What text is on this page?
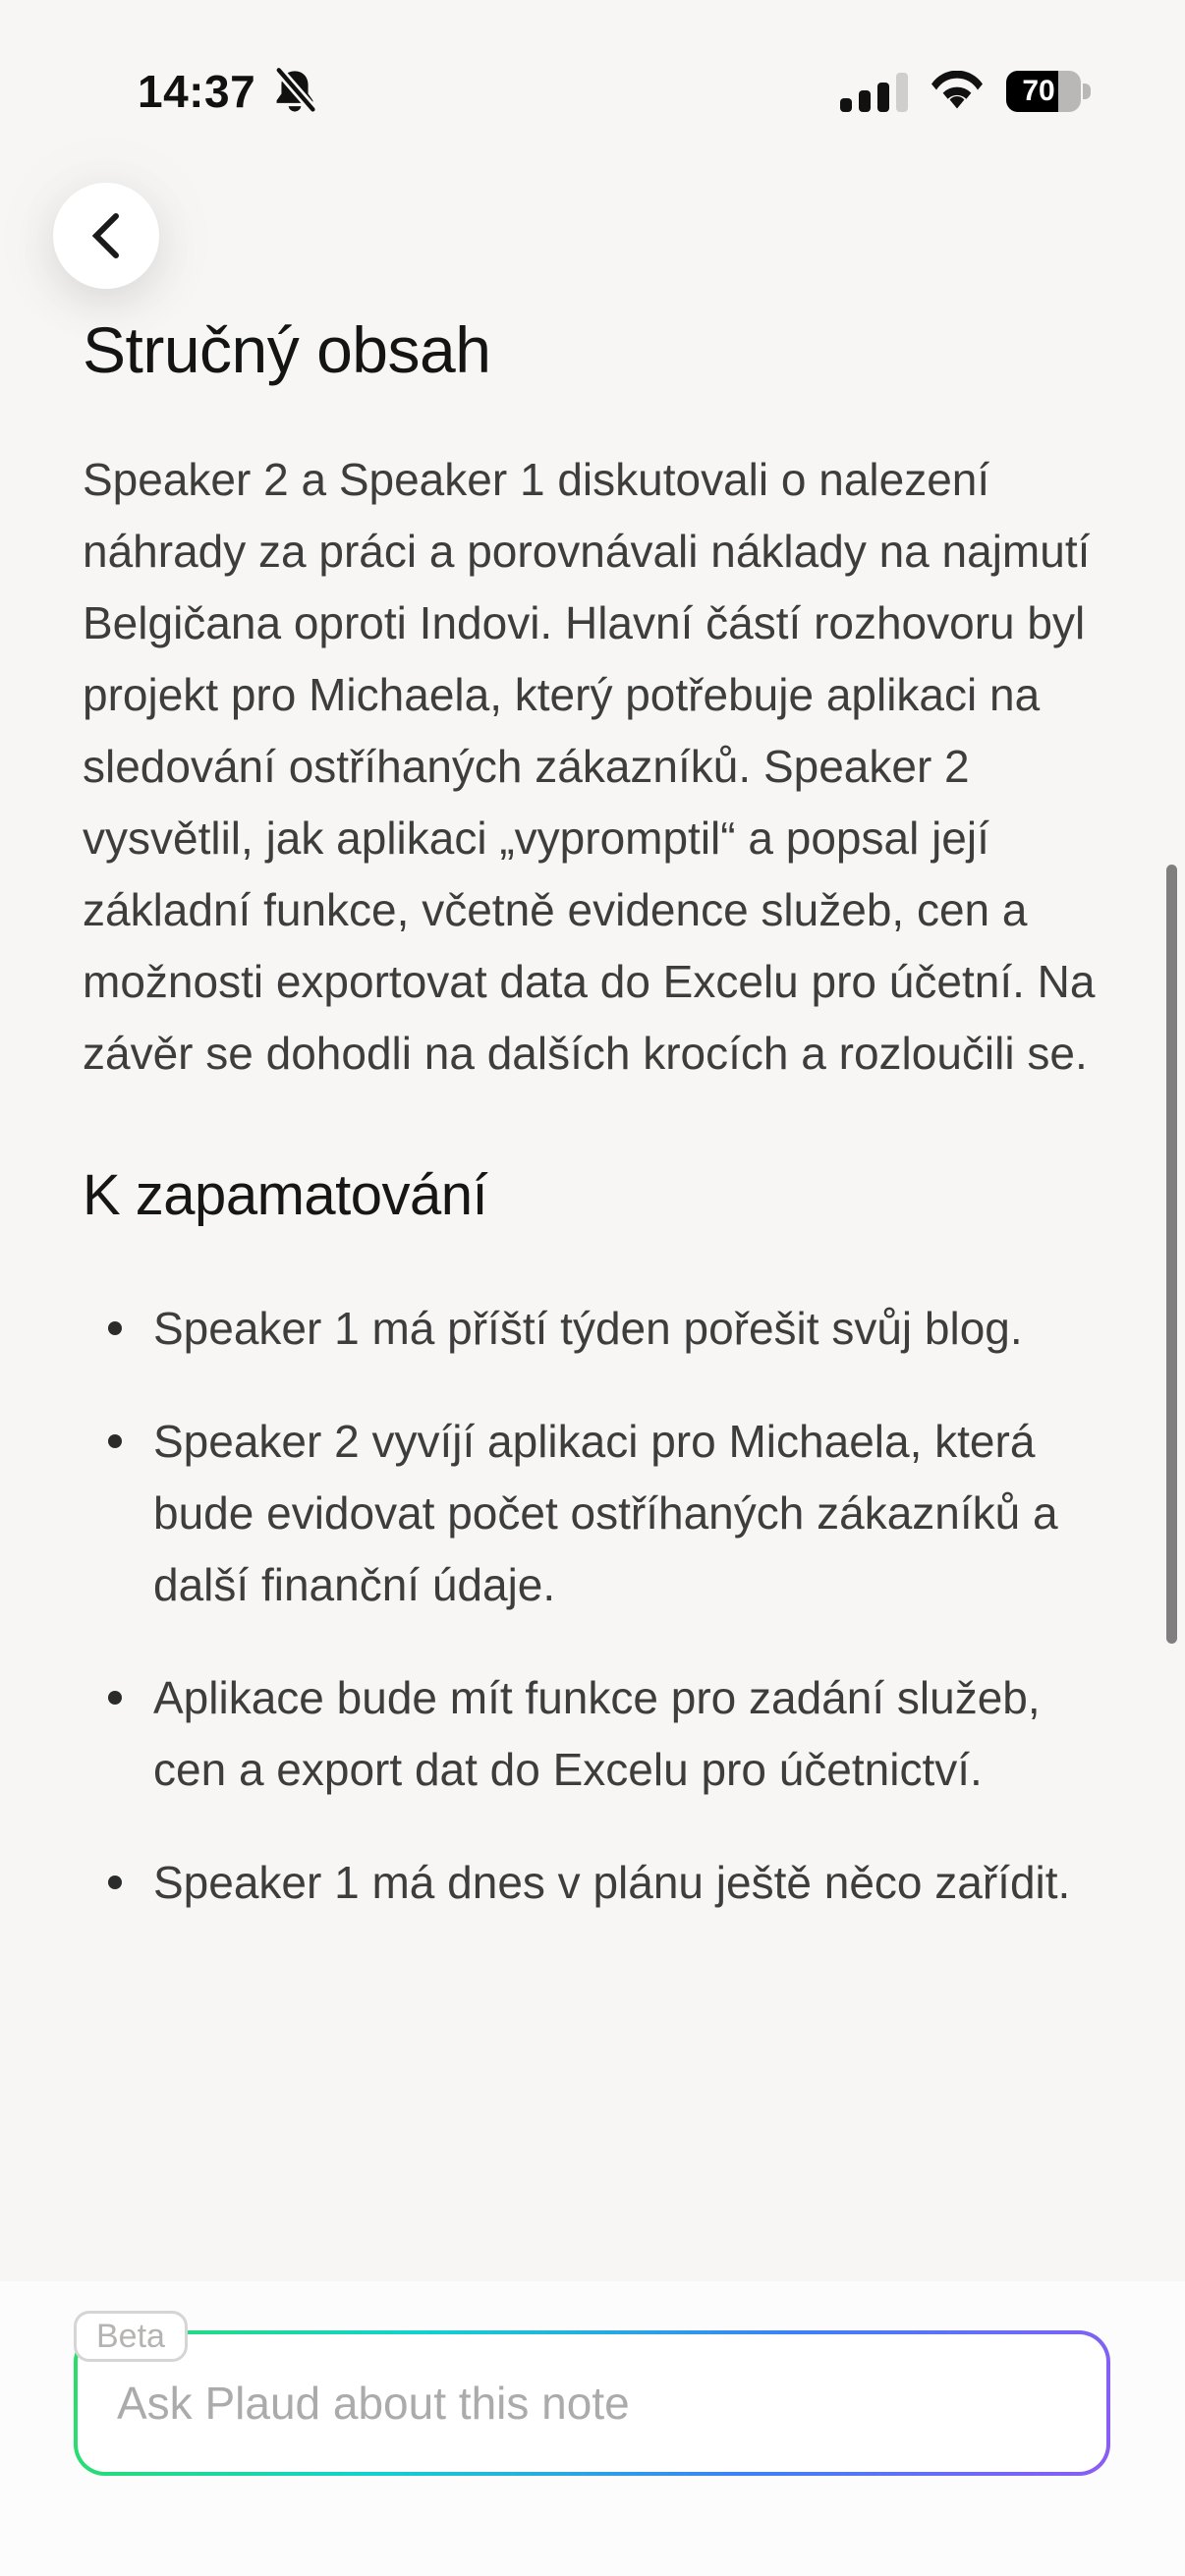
14:37	70
Stručný obsah

Speaker 2 a Speaker 1 diskutovali o nalezení náhrady za práci a porovnávali náklady na najmutí Belgičana oproti Indovi. Hlavní částí rozhovoru byl projekt pro Michaela, který potřebuje aplikaci na sledování ostříhaných zákazníků. Speaker 2 vysvětlil, jak aplikaci „vypromptil“ a popsal její základní funkce, včetně evidence služeb, cen a možnosti exportovat data do Excelu pro účetní. Na závěr se dohodli na dalších krocích a rozloučili se.

K zapamatování
Speaker 1 má příští týden pořešit svůj blog.
Speaker 2 vyvíjí aplikaci pro Michaela, která bude evidovat počet ostříhaných zákazníků a další finanční údaje.
Aplikace bude mít funkce pro zadání služeb, cen a export dat do Excelu pro účetnictví.
Speaker 1 má dnes v plánu ještě něco zařídit.
Ask Plaud about this note
Beta
